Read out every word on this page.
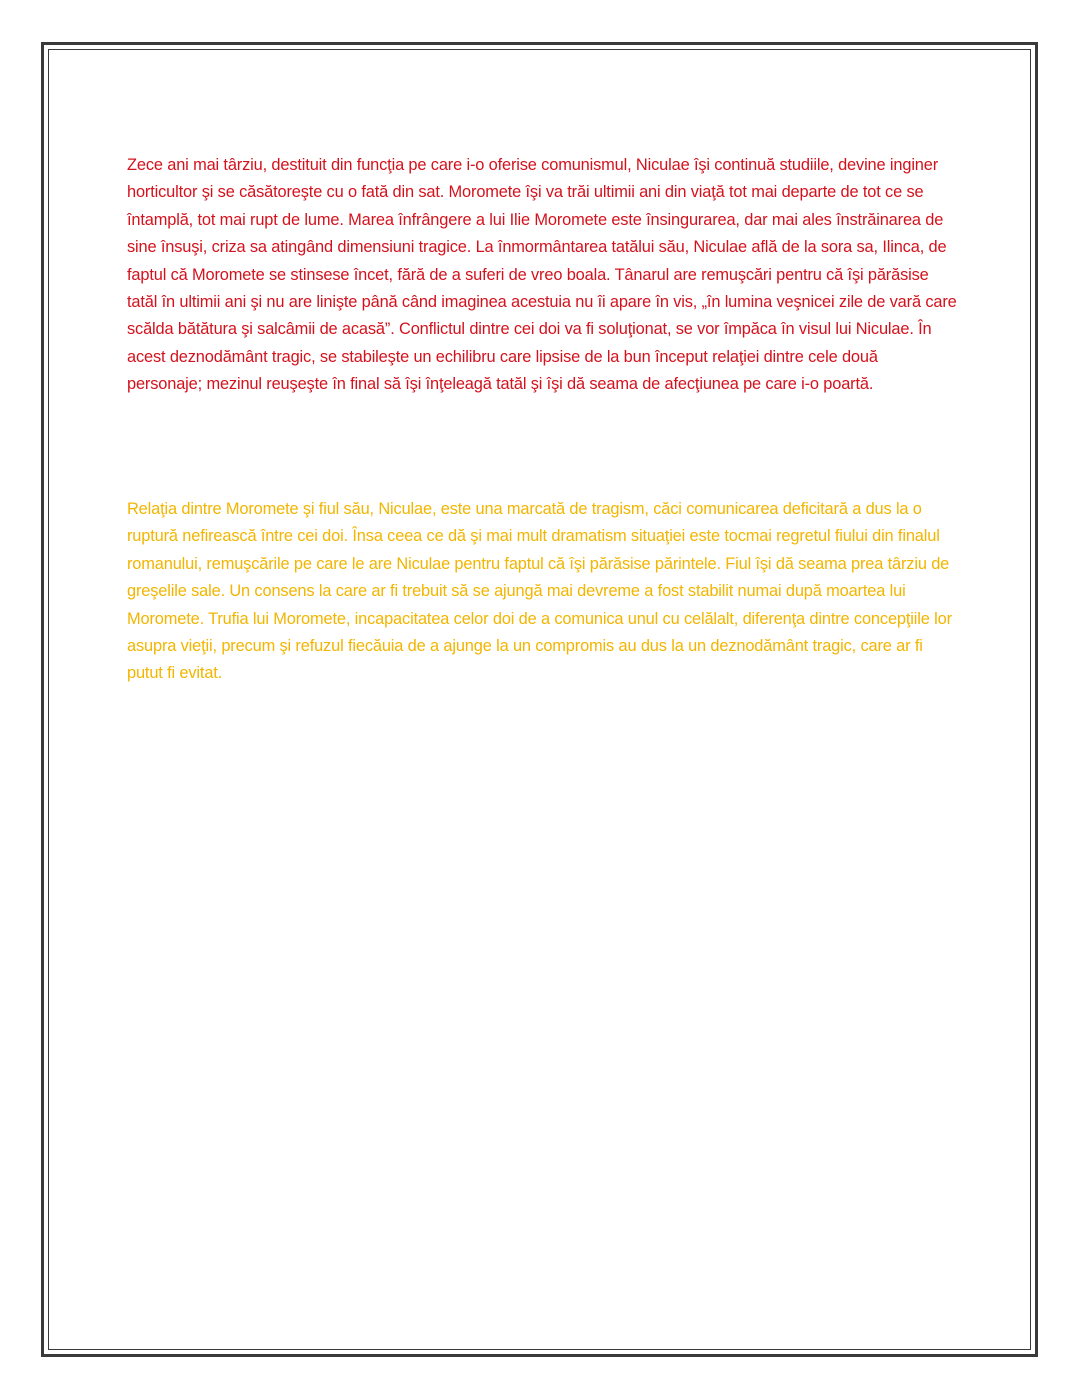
Zece ani mai târziu, destituit din funcţia pe care i-o oferise comunismul, Niculae îşi continuă studiile, devine inginer horticultor şi se căsătoreşte cu o fată din sat. Moromete îşi va trăi ultimii ani din viaţă tot mai departe de tot ce se întamplă, tot mai rupt de lume. Marea înfrângere a lui Ilie Moromete este însingurarea, dar mai ales înstrăinarea de sine însuşi, criza sa atingând dimensiuni tragice. La înmormântarea tatălui său, Niculae află de la sora sa, Ilinca, de faptul că Moromete se stinsese încet, fără de a suferi de vreo boala. Tânarul are remuşcări pentru că îşi părăsise tatăl în ultimii ani şi nu are linişte până când imaginea acestuia nu îi apare în vis, „în lumina veşnicei zile de vară care scălda bătătura şi salcâmii de acasă”. Conflictul dintre cei doi va fi soluţionat, se vor împăca în visul lui Niculae. În acest deznodământ tragic, se stabileşte un echilibru care lipsise de la bun început relaţiei dintre cele două personaje; mezinul reuşeşte în final să îşi înţeleagă tatăl şi îşi dă seama de afecţiunea pe care i-o poartă.

Relaţia dintre Moromete şi fiul său, Niculae, este una marcată de tragism, căci comunicarea deficitară a dus la o ruptură nefirească între cei doi. Însa ceea ce dă şi mai mult dramatism situaţiei este tocmai regretul fiului din finalul romanului, remuşcările pe care le are Niculae pentru faptul că îşi părăsise părintele. Fiul îşi dă seama prea târziu de greşelile sale. Un consens la care ar fi trebuit să se ajungă mai devreme a fost stabilit numai după moartea lui Moromete. Trufia lui Moromete, incapacitatea celor doi de a comunica unul cu celălalt, diferenţa dintre concepţiile lor asupra vieţii, precum şi refuzul fiecăuia de a ajunge la un compromis au dus la un deznodământ tragic, care ar fi putut fi evitat.
